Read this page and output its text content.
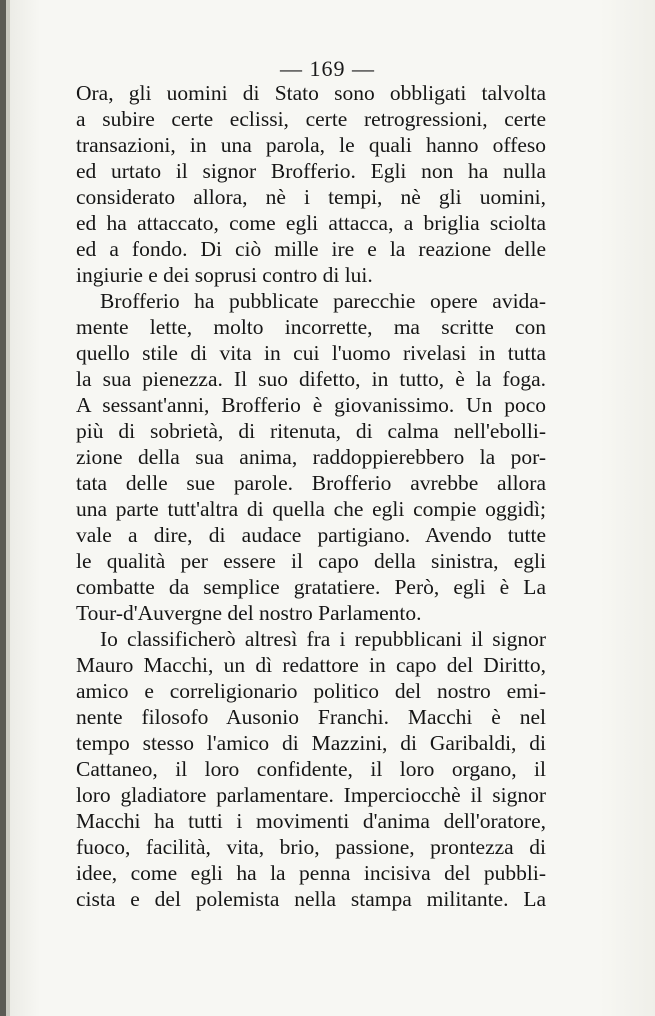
— 169 —
Ora, gli uomini di Stato sono obbligati talvolta
a subire certe eclissi, certe retrogressioni, certe
transazioni, in una parola, le quali hanno offeso
ed urtato il signor Brofferio. Egli non ha nulla
considerato allora, nè i tempi, nè gli uomini,
ed ha attaccato, come egli attacca, a briglia sciolta
ed a fondo. Di ciò mille ire e la reazione delle
ingiurie e dei soprusi contro di lui.
Brofferio ha pubblicate parecchie opere avida-
mente lette, molto incorrette, ma scritte con
quello stile di vita in cui l'uomo rivelasi in tutta
la sua pienezza. Il suo difetto, in tutto, è la foga.
A sessant'anni, Brofferio è giovanissimo. Un poco
più di sobrietà, di ritenuta, di calma nell'ebolli-
zione della sua anima, raddoppierebbero la por-
tata delle sue parole. Brofferio avrebbe allora
una parte tutt'altra di quella che egli compie oggidì;
vale a dire, di audace partigiano. Avendo tutte
le qualità per essere il capo della sinistra, egli
combatte da semplice gratatiere. Però, egli è La
Tour-d'Auvergne del nostro Parlamento.
Io classificherò altresì fra i repubblicani il signor
Mauro Macchi, un dì redattore in capo del Diritto,
amico e correligionario politico del nostro emi-
nente filosofo Ausonio Franchi. Macchi è nel
tempo stesso l'amico di Mazzini, di Garibaldi, di
Cattaneo, il loro confidente, il loro organo, il
loro gladiatore parlamentare. Imperciocchè il signor
Macchi ha tutti i movimenti d'anima dell'oratore,
fuoco, facilità, vita, brio, passione, prontezza di
idee, come egli ha la penna incisiva del pubbli-
cista e del polemista nella stampa militante. La
